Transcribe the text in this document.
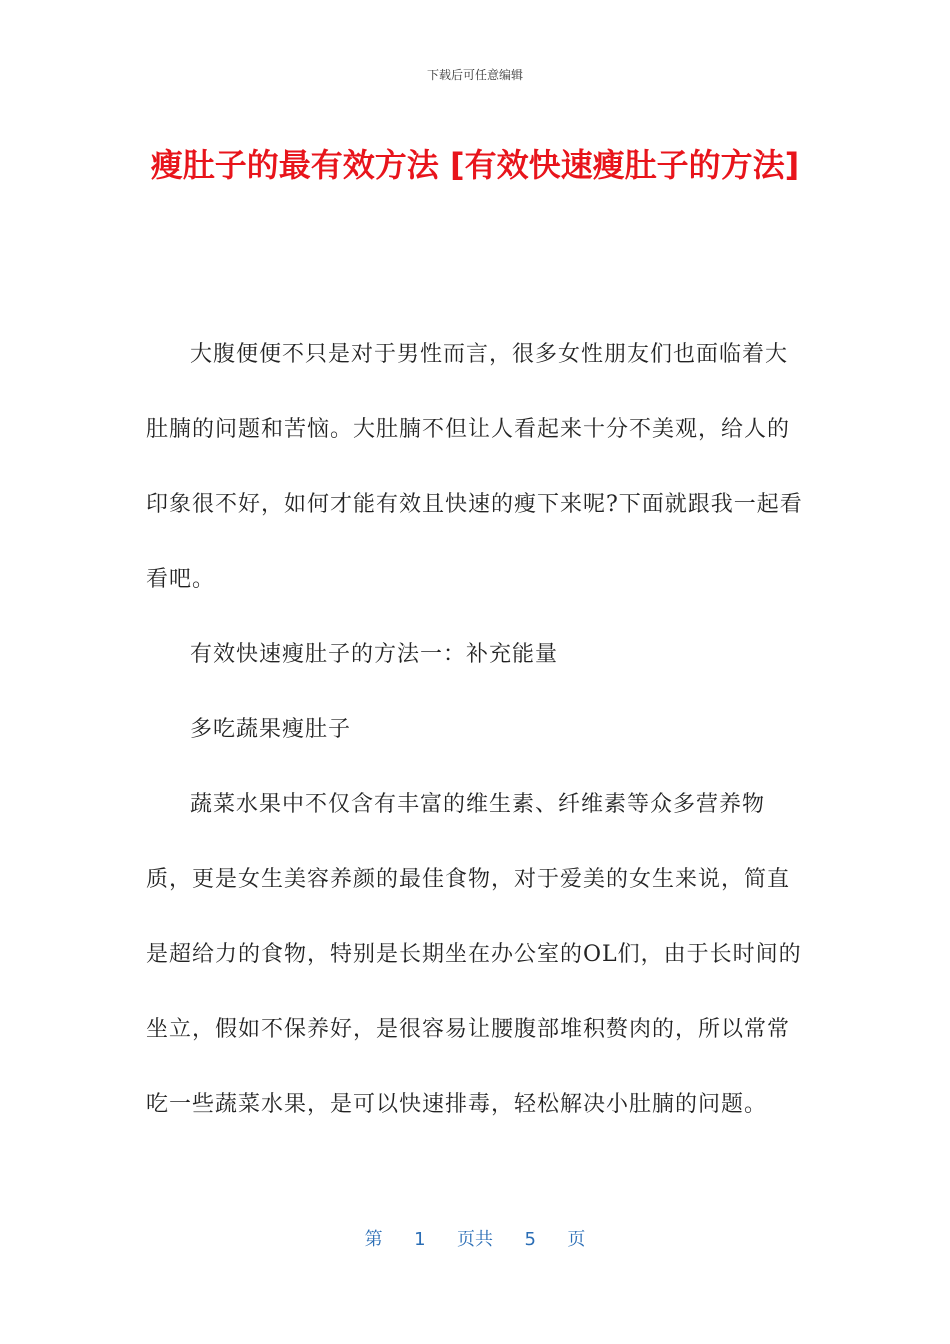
下载后可任意编辑
瘦肚子的最有效方法 [有效快速瘦肚子的方法]

大腹便便不只是对于男性而言，很多女性朋友们也面临着大肚腩的问题和苦恼。大肚腩不但让人看起来十分不美观，给人的印象很不好，如何才能有效且快速的瘦下来呢?下面就跟我一起看看吧。

有效快速瘦肚子的方法一：补充能量

多吃蔬果瘦肚子

蔬菜水果中不仅含有丰富的维生素、纤维素等众多营养物质，更是女生美容养颜的最佳食物，对于爱美的女生来说，简直是超给力的食物，特别是长期坐在办公室的OL们，由于长时间的坐立，假如不保养好，是很容易让腰腹部堆积赘肉的，所以常常吃一些蔬菜水果，是可以快速排毒，轻松解决小肚腩的问题。

第  1  页共  5  页
